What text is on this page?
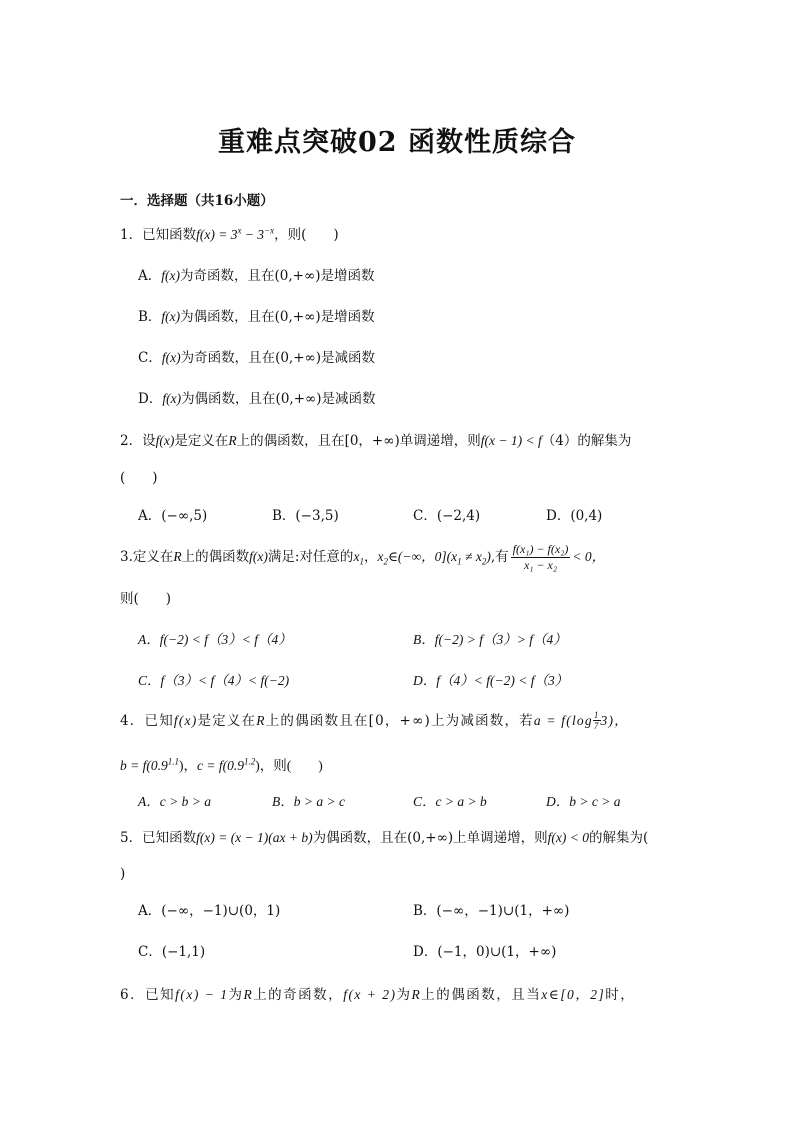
重难点突破02 函数性质综合
一．选择题（共16小题）
1．已知函数$f(x) = 3^x - 3^{-x}$，则(　　)
A．f(x)为奇函数，且在(0,+∞)是增函数
B．f(x)为偶函数，且在(0,+∞)是增函数
C．f(x)为奇函数，且在(0,+∞)是减函数
D．f(x)为偶函数，且在(0,+∞)是减函数
2．设f(x)是定义在R上的偶函数，且在[0，+∞)单调递增，则f(x − 1) < f（4）的解集为
(　　)
A．(−∞,5)	B．(−3,5)	C．(−2,4)	D．(0,4)
3.定义在R上的偶函数f(x)满足:对任意的$x_1$，$x_2\in(-\infty$，$0](x_1 \ne x_2)$,有 $\frac{\text{f(x₁) − f(x₂)}}{\text{x₁ − x₂}} < 0$，
则(　　)
A．f(−2) < f（3）< f（4）	B．f(−2) > f（3）> f（4）
C．f（3）< f（4）< f(−2)	D．f（4）< f(−2) < f（3）
4．已知f(x)是定义在R上的偶函数且在[0，+∞)上为减函数，若$a = f(\log \frac{1}{7} 3)$，
$b = f(0.9^{1.1})$，$c = f(0.9^{1.2})$，则(　　)
A．c > b > a	B．b > a > c	C．c > a > b	D．b > c > a
5．已知函数f(x) = (x − 1)(ax + b)为偶函数，且在(0,+∞)上单调递增，则f(x) < 0的解集为(
)
A．(−∞，−1)∪(0，1)	B．(−∞，−1)∪(1，+∞)
C．(−1,1)	D．(−1，0)∪(1，+∞)
6．已知f(x) − 1为R上的奇函数，f(x + 2)为R上的偶函数，且当x∈[0，2]时，
